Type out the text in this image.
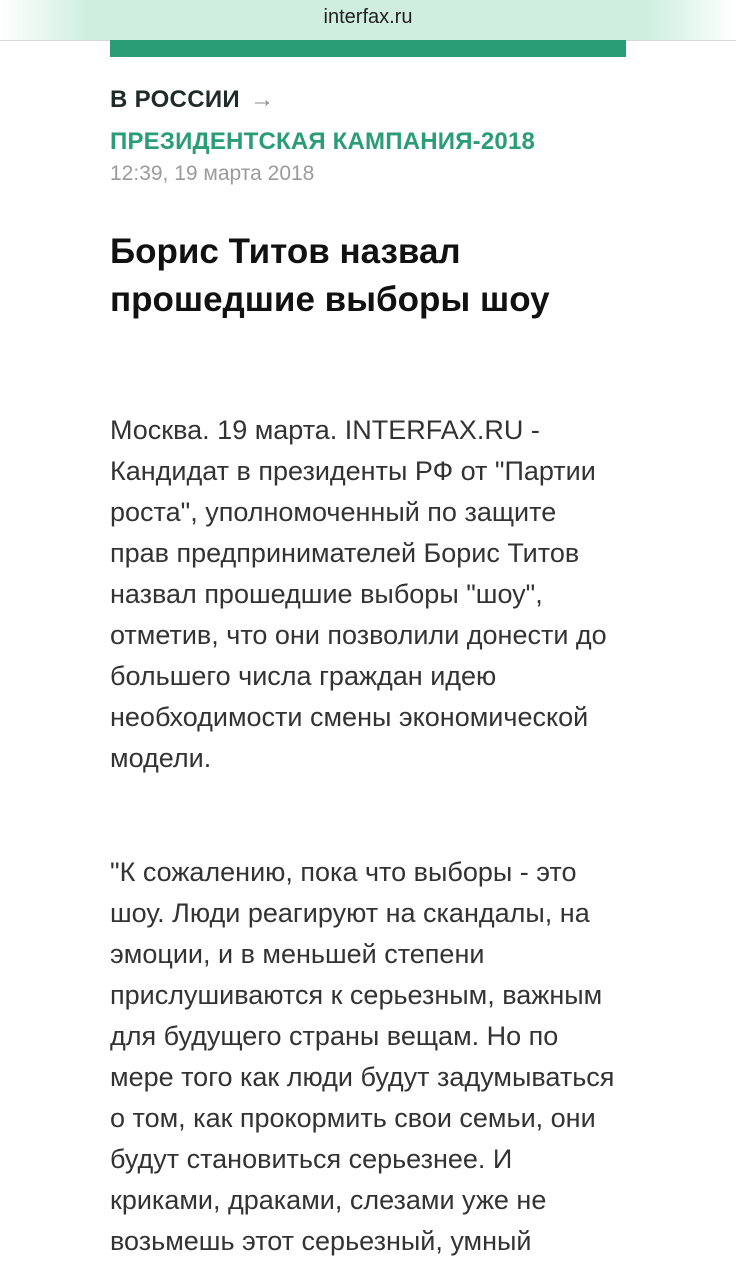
interfax.ru
В РОССИИ →
ПРЕЗИДЕНТСКАЯ КАМПАНИЯ-2018
12:39, 19 марта 2018
Борис Титов назвал прошедшие выборы шоу

Москва. 19 марта. INTERFAX.RU - Кандидат в президенты РФ от "Партии роста", уполномоченный по защите прав предпринимателей Борис Титов назвал прошедшие выборы "шоу", отметив, что они позволили донести до большего числа граждан идею необходимости смены экономической модели.

"К сожалению, пока что выборы - это шоу. Люди реагируют на скандалы, на эмоции, и в меньшей степени прислушиваются к серьезным, важным для будущего страны вещам. Но по мере того как люди будут задумываться о том, как прокормить свои семьи, они будут становиться серьезнее. И криками, драками, слезами уже не возьмешь этот серьезный, умный
